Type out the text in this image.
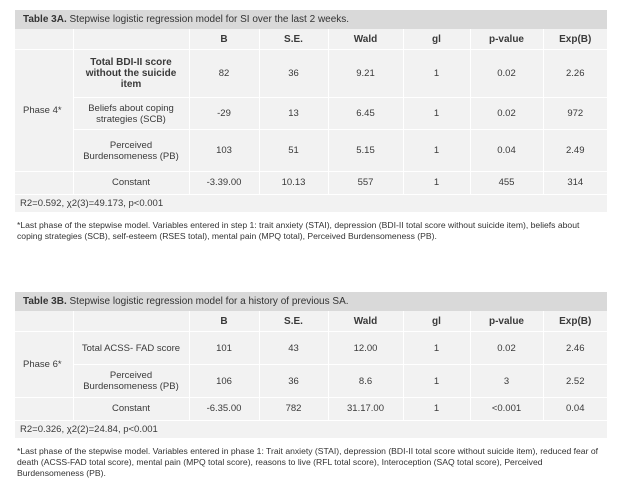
Table 3A. Stepwise logistic regression model for SI over the last 2 weeks.
		B	S.E.	Wald	gl	p-value	Exp(B)
Phase 4*	Total BDI-II score without the suicide item	82	36	9.21	1	0.02	2.26
	Beliefs about coping strategies (SCB)	-29	13	6.45	1	0.02	972
	Perceived Burdensomeness (PB)	103	51	5.15	1	0.04	2.49
	Constant	-3.39.00	10.13	557	1	455	314
R2=0.592, χ2(3)=49.173, p<0.001
*Last phase of the stepwise model. Variables entered in step 1: trait anxiety (STAI), depression (BDI-II total score without suicide item), beliefs about coping strategies (SCB), self-esteem (RSES total), mental pain (MPQ total), Perceived Burdensomeness (PB).
Table 3B. Stepwise logistic regression model for a history of previous SA.
		B	S.E.	Wald	gl	p-value	Exp(B)
Phase 6*	Total ACSS- FAD score	101	43	12.00	1	0.02	2.46
	Perceived Burdensomeness (PB)	106	36	8.6	1	3	2.52
	Constant	-6.35.00	782	31.17.00	1	<0.001	0.04
R2=0.326, χ2(2)=24.84, p<0.001
*Last phase of the stepwise model. Variables entered in phase 1: Trait anxiety (STAI), depression (BDI-II total score without suicide item), reduced fear of death (ACSS-FAD total score), mental pain (MPQ total score), reasons to live (RFL total score), Interoception (SAQ total score), Perceived Burdensomeness (PB).
